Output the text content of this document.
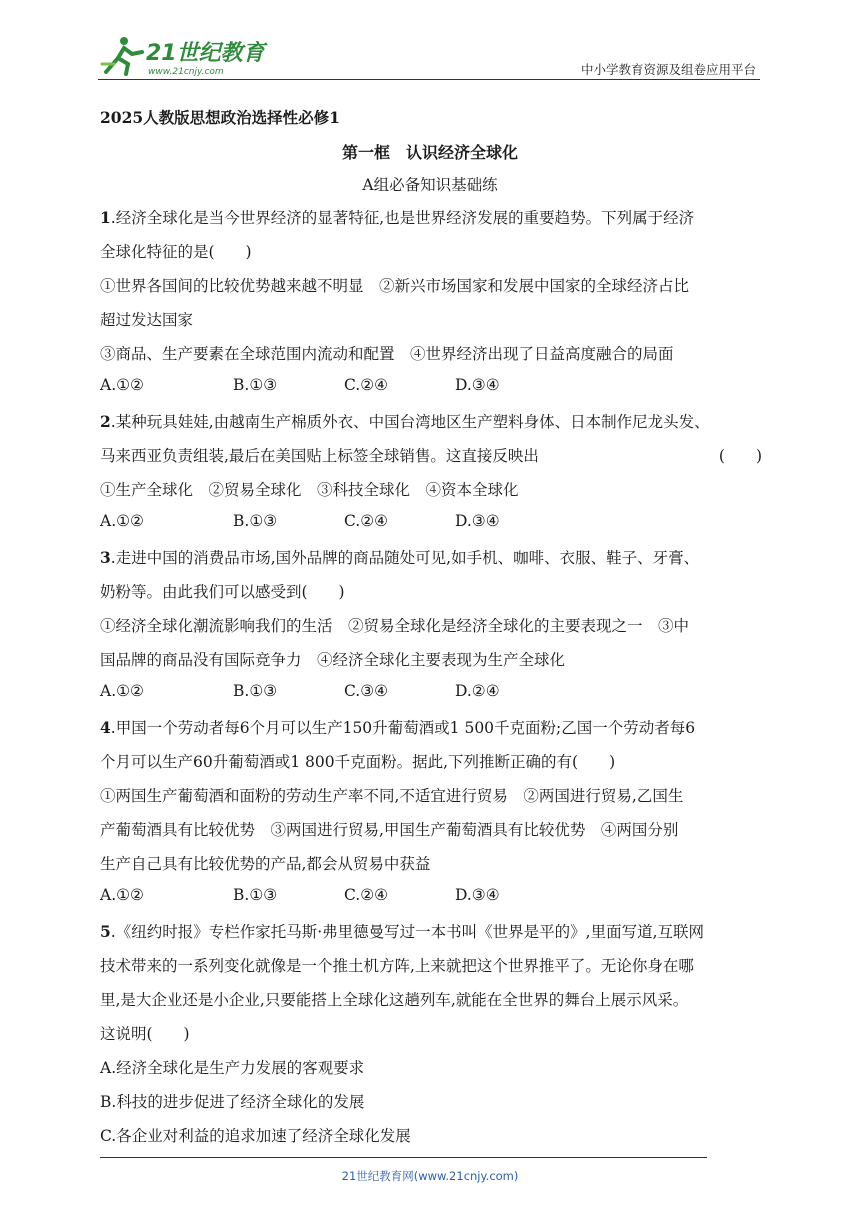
21世纪教育
www.21cnjy.com	中小学教育资源及组卷应用平台
2025人教版思想政治选择性必修1
第一框　认识经济全球化
A组必备知识基础练
1.经济全球化是当今世界经济的显著特征,也是世界经济发展的重要趋势。下列属于经济
全球化特征的是(　　)
①世界各国间的比较优势越来越不明显　②新兴市场国家和发展中国家的全球经济占比
超过发达国家
③商品、生产要素在全球范围内流动和配置　④世界经济出现了日益高度融合的局面
A.①②	B.①③	C.②④	D.③④
2.某种玩具娃娃,由越南生产棉质外衣、中国台湾地区生产塑料身体、日本制作尼龙头发、
马来西亚负责组装,最后在美国贴上标签全球销售。这直接反映出	(　　)
①生产全球化　②贸易全球化　③科技全球化　④资本全球化
A.①②	B.①③	C.②④	D.③④
3.走进中国的消费品市场,国外品牌的商品随处可见,如手机、咖啡、衣服、鞋子、牙膏、
奶粉等。由此我们可以感受到(　　)
①经济全球化潮流影响我们的生活　②贸易全球化是经济全球化的主要表现之一　③中
国品牌的商品没有国际竞争力　④经济全球化主要表现为生产全球化
A.①②	B.①③	C.③④	D.②④
4.甲国一个劳动者每6个月可以生产150升葡萄酒或1 500千克面粉;乙国一个劳动者每6
个月可以生产60升葡萄酒或1 800千克面粉。据此,下列推断正确的有(　　)
①两国生产葡萄酒和面粉的劳动生产率不同,不适宜进行贸易　②两国进行贸易,乙国生
产葡萄酒具有比较优势　③两国进行贸易,甲国生产葡萄酒具有比较优势　④两国分别
生产自己具有比较优势的产品,都会从贸易中获益
A.①②	B.①③	C.②④	D.③④
5.《纽约时报》专栏作家托马斯·弗里德曼写过一本书叫《世界是平的》,里面写道,互联网
技术带来的一系列变化就像是一个推土机方阵,上来就把这个世界推平了。无论你身在哪
里,是大企业还是小企业,只要能搭上全球化这趟列车,就能在全世界的舞台上展示风采。
这说明(　　)
A.经济全球化是生产力发展的客观要求
B.科技的进步促进了经济全球化的发展
C.各企业对利益的追求加速了经济全球化发展
21世纪教育网(www.21cnjy.com)
